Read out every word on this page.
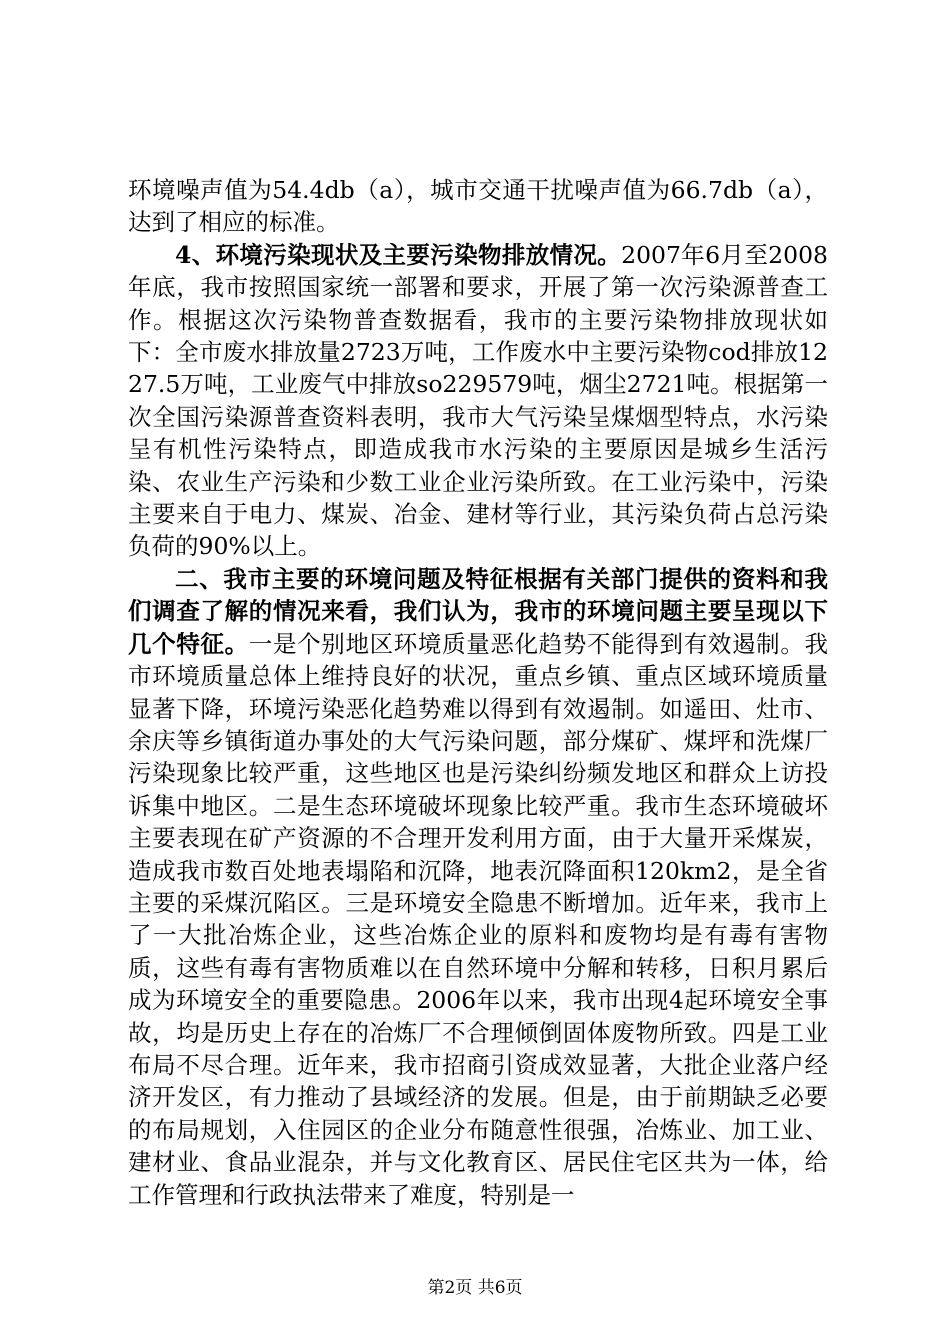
环境噪声值为54.4db（a），城市交通干扰噪声值为66.7db（a），达到了相应的标准。

4、环境污染现状及主要污染物排放情况。2007年6月至2008年底，我市按照国家统一部署和要求，开展了第一次污染源普查工作。根据这次污染物普查数据看，我市的主要污染物排放现状如下：全市废水排放量2723万吨，工作废水中主要污染物cod排放1227.5万吨，工业废气中排放so229579吨，烟尘2721吨。根据第一次全国污染源普查资料表明，我市大气污染呈煤烟型特点，水污染呈有机性污染特点，即造成我市水污染的主要原因是城乡生活污染、农业生产污染和少数工业企业污染所致。在工业污染中，污染主要来自于电力、煤炭、冶金、建材等行业，其污染负荷占总污染负荷的90%以上。

二、我市主要的环境问题及特征根据有关部门提供的资料和我们调查了解的情况来看，我们认为，我市的环境问题主要呈现以下几个特征。一是个别地区环境质量恶化趋势不能得到有效遏制。我市环境质量总体上维持良好的状况，重点乡镇、重点区域环境质量显著下降，环境污染恶化趋势难以得到有效遏制。如遥田、灶市、余庆等乡镇街道办事处的大气污染问题，部分煤矿、煤坪和洗煤厂污染现象比较严重，这些地区也是污染纠纷频发地区和群众上访投诉集中地区。二是生态环境破坏现象比较严重。我市生态环境破坏主要表现在矿产资源的不合理开发利用方面，由于大量开采煤炭，造成我市数百处地表塌陷和沉降，地表沉降面积120km2，是全省主要的采煤沉陷区。三是环境安全隐患不断增加。近年来，我市上了一大批冶炼企业，这些冶炼企业的原料和废物均是有毒有害物质，这些有毒有害物质难以在自然环境中分解和转移，日积月累后成为环境安全的重要隐患。2006年以来，我市出现4起环境安全事故，均是历史上存在的冶炼厂不合理倾倒固体废物所致。四是工业布局不尽合理。近年来，我市招商引资成效显著，大批企业落户经济开发区，有力推动了县域经济的发展。但是，由于前期缺乏必要的布局规划，入住园区的企业分布随意性很强，冶炼业、加工业、建材业、食品业混杂，并与文化教育区、居民住宅区共为一体，给工作管理和行政执法带来了难度，特别是一

第2页 共6页
